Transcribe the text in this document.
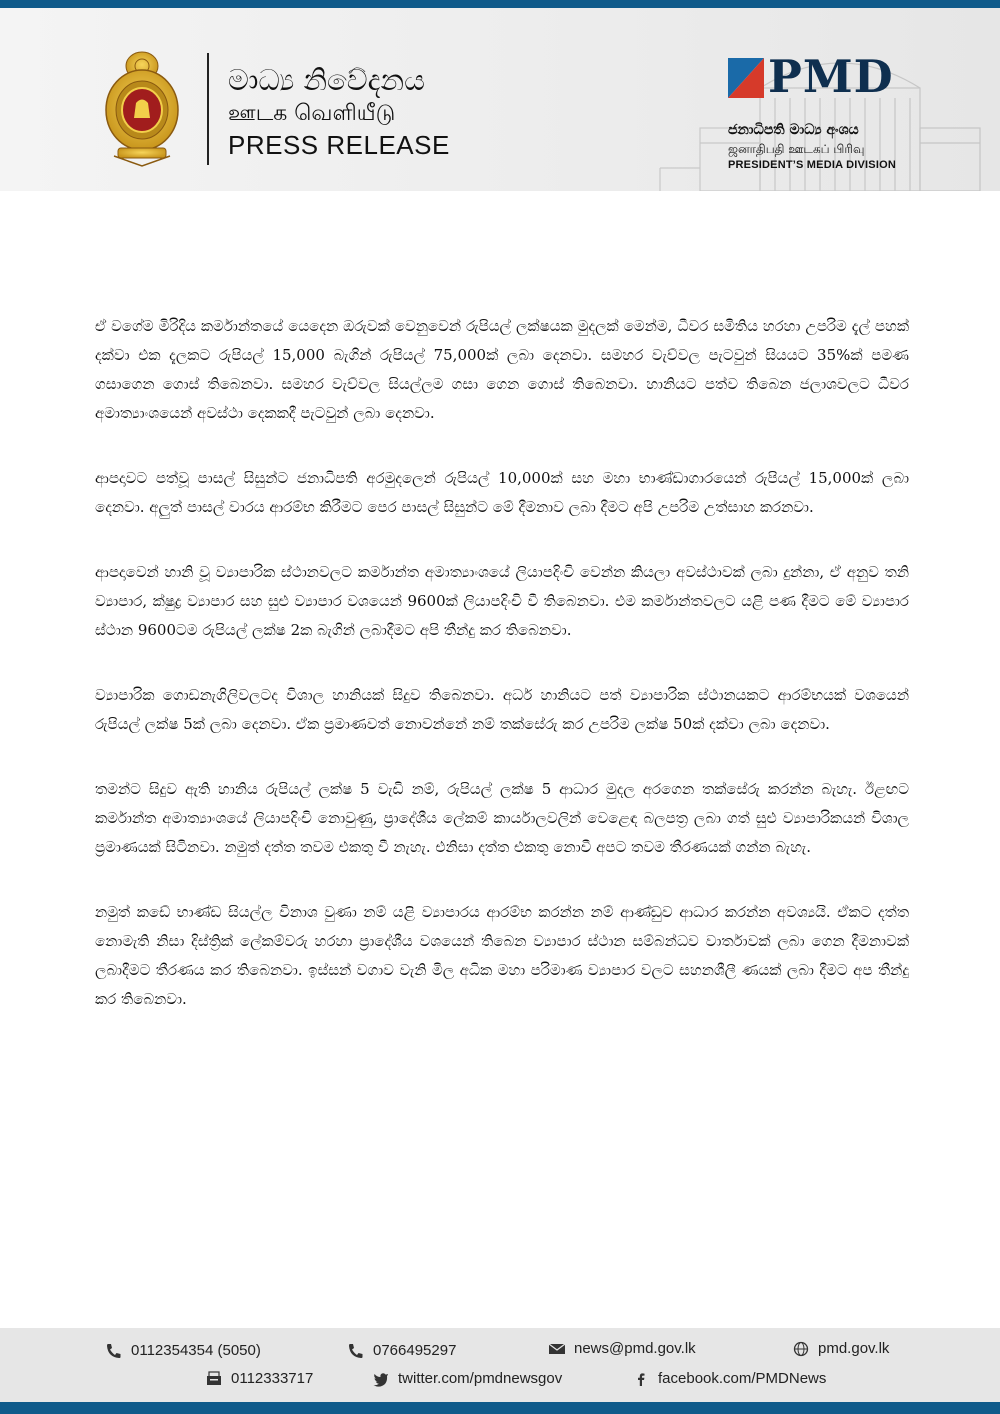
මාධ්‍ය නිවේදනය
ஊடக வெளியீடு
PRESS RELEASE
PMD
ජනාධිපති මාධ්‍ය අංශය
ஜனாதிபதி ஊடகப் பிரிவு
PRESIDENT’S MEDIA DIVISION

ඒ වගේම මිරිදිය කර්මාන්තයේ යෙදෙන ඔරුවක් වෙනුවෙන් රුපියල් ලක්ෂයක මුදලක් මෙන්ම, ධීවර සමිතිය හරහා උපරිම දැල් පහක් දක්වා එක දැලකට රුපියල් 15,000 බැගින් රුපියල් 75,000ක් ලබා දෙනවා. සමහර වැව්වල පැටවුන් සියයට 35%ක් පමණ ගසාගෙන ගොස් තිබෙනවා. සමහර වැව්වල සියල්ලම ගසා ගෙන ගොස් තිබෙනවා. හානියට පත්ව තිබෙන ජලාශවලට ධීවර අමාත්‍යාංශයෙන් අවස්ථා දෙකකදී පැටවුන් ලබා දෙනවා.

ආපදාවට පත්වූ පාසල් සිසුන්ට ජනාධිපති අරමුදලෙන් රුපියල් 10,000ක් සහ මහා භාණ්ඩාගාරයෙන් රුපියල් 15,000ක් ලබා දෙනවා. අලුත් පාසල් වාරය ආරම්භ කිරීමට පෙර පාසල් සිසුන්ට මේ දීමනාව ලබා දීමට අපි උපරිම උත්සාහ කරනවා.

ආපදාවෙන් හානි වූ ව්‍යාපාරික ස්ථානවලට කර්මාන්ත අමාත්‍යාංශයේ ලියාපදිංචි වෙන්න කියලා අවස්ථාවක් ලබා දුන්නා, ඒ අනුව තනි ව්‍යාපාර, ක්ෂුද්‍ර ව්‍යාපාර සහ සුළු ව්‍යාපාර වශයෙන් 9600ක් ලියාපදිංචි වී තිබෙනවා. එම කර්මාන්තවලට යළි පණ දීමට මේ ව්‍යාපාර ස්ථාන 9600ටම රුපියල් ලක්ෂ 2ක බැගින් ලබාදීමට අපි තීන්දු කර තිබෙනවා.

ව්‍යාපාරික ගොඩනැගිලිවලටද විශාල හානියක් සිදුව තිබෙනවා. අර්ධ හානියට පත් ව්‍යාපාරික ස්ථානයකට ආරම්භයක් වශයෙන් රුපියල් ලක්ෂ 5ක් ලබා දෙනවා. ඒක ප්‍රමාණවත් නොවන්නේ නම් තක්සේරු කර උපරිම ලක්ෂ 50ක් දක්වා ලබා දෙනවා.

තමන්ට සිදුව ඇති හානිය රුපියල් ලක්ෂ 5 වැඩි නම්, රුපියල් ලක්ෂ 5 ආධාර මුදල අරගෙන තක්සේරු කරන්න බැහැ. ඊළඟට කර්මාන්ත අමාත්‍යාංශයේ ලියාපදිංචි නොවුණු, ප්‍රාදේශීය ලේකම් කාර්යාලවලින් වෙළෙඳ බලපත්‍ර ලබා ගත් සුළු ව්‍යාපාරිකයන් විශාල ප්‍රමාණයක් සිටිනවා. නමුත් දත්ත තවම එකතු වී නැහැ. එනිසා දත්ත එකතු නොවී අපට තවම තීරණයක් ගන්න බැහැ.

නමුත් කඩේ භාණ්ඩ සියල්ල විනාශ වුණා නම් යළි ව්‍යාපාරය ආරම්භ කරන්න නම් ආණ්ඩුව ආධාර කරන්න අවශ්‍යයි. ඒකට දත්ත නොමැති නිසා දිස්ත්‍රික් ලේකම්වරු හරහා ප්‍රාදේශීය වශයෙන් තිබෙන ව්‍යාපාර ස්ථාන සම්බන්ධව වාර්තාවක් ලබා ගෙන දීමනාවක් ලබාදීමට තීරණය කර තිබෙනවා. ඉස්සන් වගාව වැනි මිල අධික මහා පරිමාණ ව්‍යාපාර වලට සහනශීලී ණයක් ලබා දීමට අප තීන්දු කර තිබෙනවා.

0112354354 (5050)	0766495297	news@pmd.gov.lk	pmd.gov.lk
0112333717	twitter.com/pmdnewsgov	facebook.com/PMDNews
